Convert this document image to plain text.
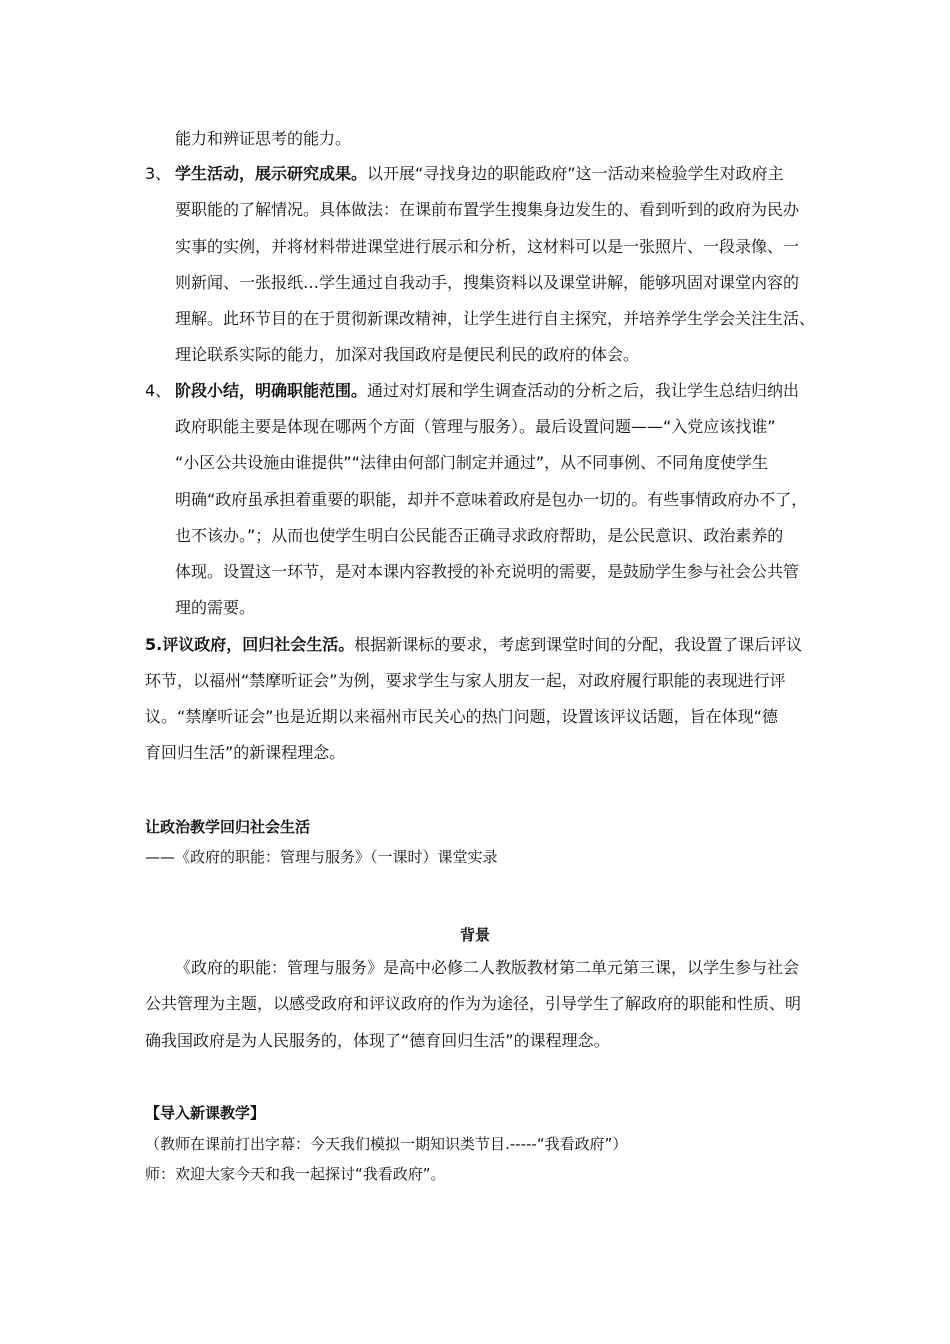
能力和辨证思考的能力。
3、 学生活动，展示研究成果。以开展“寻找身边的职能政府”这一活动来检验学生对政府主
要职能的了解情况。具体做法：在课前布置学生搜集身边发生的、看到听到的政府为民办
实事的实例，并将材料带进课堂进行展示和分析，这材料可以是一张照片、一段录像、一
则新闻、一张报纸…学生通过自我动手，搜集资料以及课堂讲解，能够巩固对课堂内容的
理解。此环节目的在于贯彻新课改精神，让学生进行自主探究，并培养学生学会关注生活、
理论联系实际的能力，加深对我国政府是便民利民的政府的体会。
4、 阶段小结，明确职能范围。通过对灯展和学生调查活动的分析之后，我让学生总结归纳出
政府职能主要是体现在哪两个方面（管理与服务）。最后设置问题——“入党应该找谁”
“小区公共设施由谁提供”“法律由何部门制定并通过”，从不同事例、不同角度使学生
明确“政府虽承担着重要的职能，却并不意味着政府是包办一切的。有些事情政府办不了，
也不该办。”；从而也使学生明白公民能否正确寻求政府帮助，是公民意识、政治素养的
体现。设置这一环节，是对本课内容教授的补充说明的需要，是鼓励学生参与社会公共管
理的需要。
5.评议政府，回归社会生活。根据新课标的要求，考虑到课堂时间的分配，我设置了课后评议
环节，以福州“禁摩听证会”为例，要求学生与家人朋友一起，对政府履行职能的表现进行评
议。“禁摩听证会”也是近期以来福州市民关心的热门问题，设置该评议话题，旨在体现“德
育回归生活”的新课程理念。
让政治教学回归社会生活
——《政府的职能：管理与服务》（一课时）课堂实录
背景
《政府的职能：管理与服务》是高中必修二人教版教材第二单元第三课，以学生参与社会
公共管理为主题，以感受政府和评议政府的作为为途径，引导学生了解政府的职能和性质、明
确我国政府是为人民服务的，体现了“德育回归生活”的课程理念。
【导入新课教学】
（教师在课前打出字幕：今天我们模拟一期知识类节目.-----“我看政府”）
师：欢迎大家今天和我一起探讨“我看政府”。
